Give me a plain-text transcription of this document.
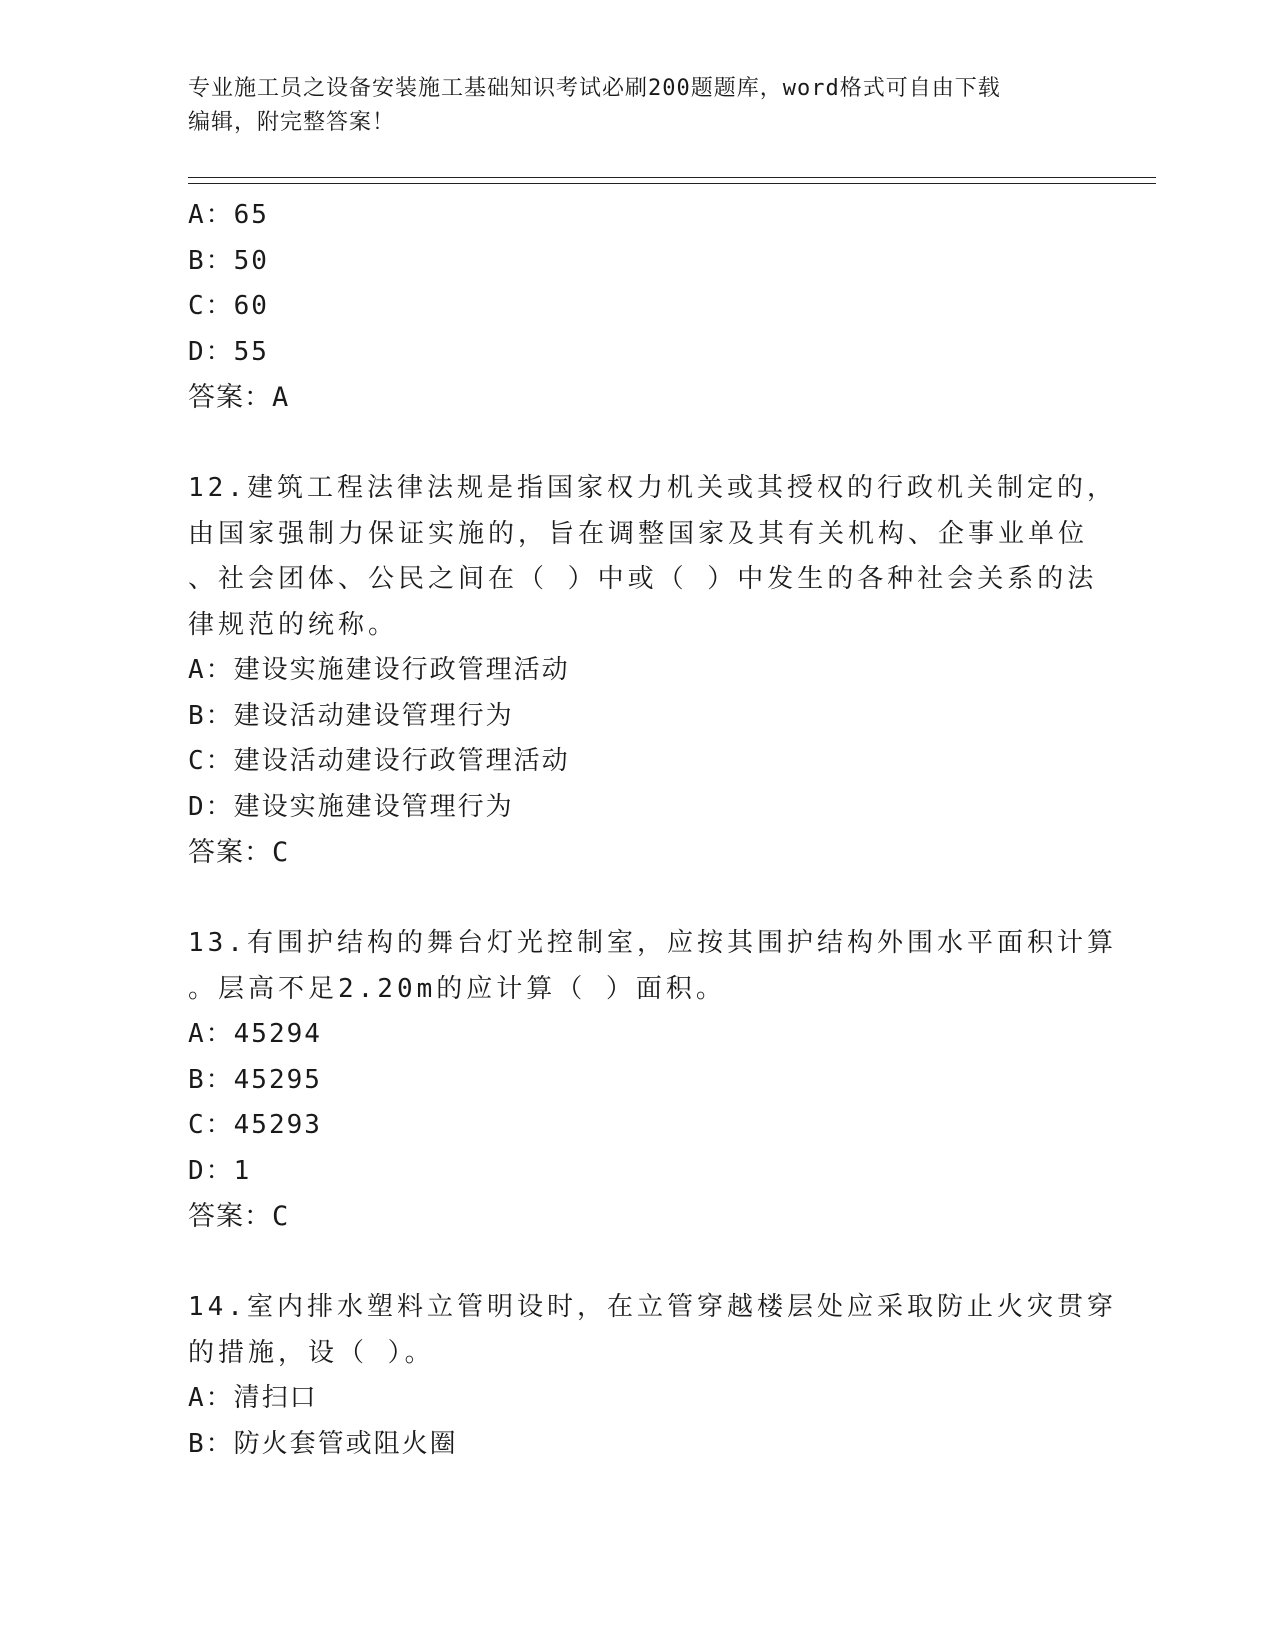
专业施工员之设备安装施工基础知识考试必刷200题题库，word格式可自由下载
编辑，附完整答案！
A：65
B：50
C：60
D：55
答案：A
12.建筑工程法律法规是指国家权力机关或其授权的行政机关制定的，
由国家强制力保证实施的，旨在调整国家及其有关机构、企事业单位
、社会团体、公民之间在（ ）中或（ ）中发生的各种社会关系的法
律规范的统称。
A：建设实施建设行政管理活动
B：建设活动建设管理行为
C：建设活动建设行政管理活动
D：建设实施建设管理行为
答案：C
13.有围护结构的舞台灯光控制室，应按其围护结构外围水平面积计算
。层高不足2.20m的应计算（ ）面积。
A：45294
B：45295
C：45293
D：1
答案：C
14.室内排水塑料立管明设时，在立管穿越楼层处应采取防止火灾贯穿
的措施，设（ ）。
A：清扫口
B：防火套管或阻火圈
